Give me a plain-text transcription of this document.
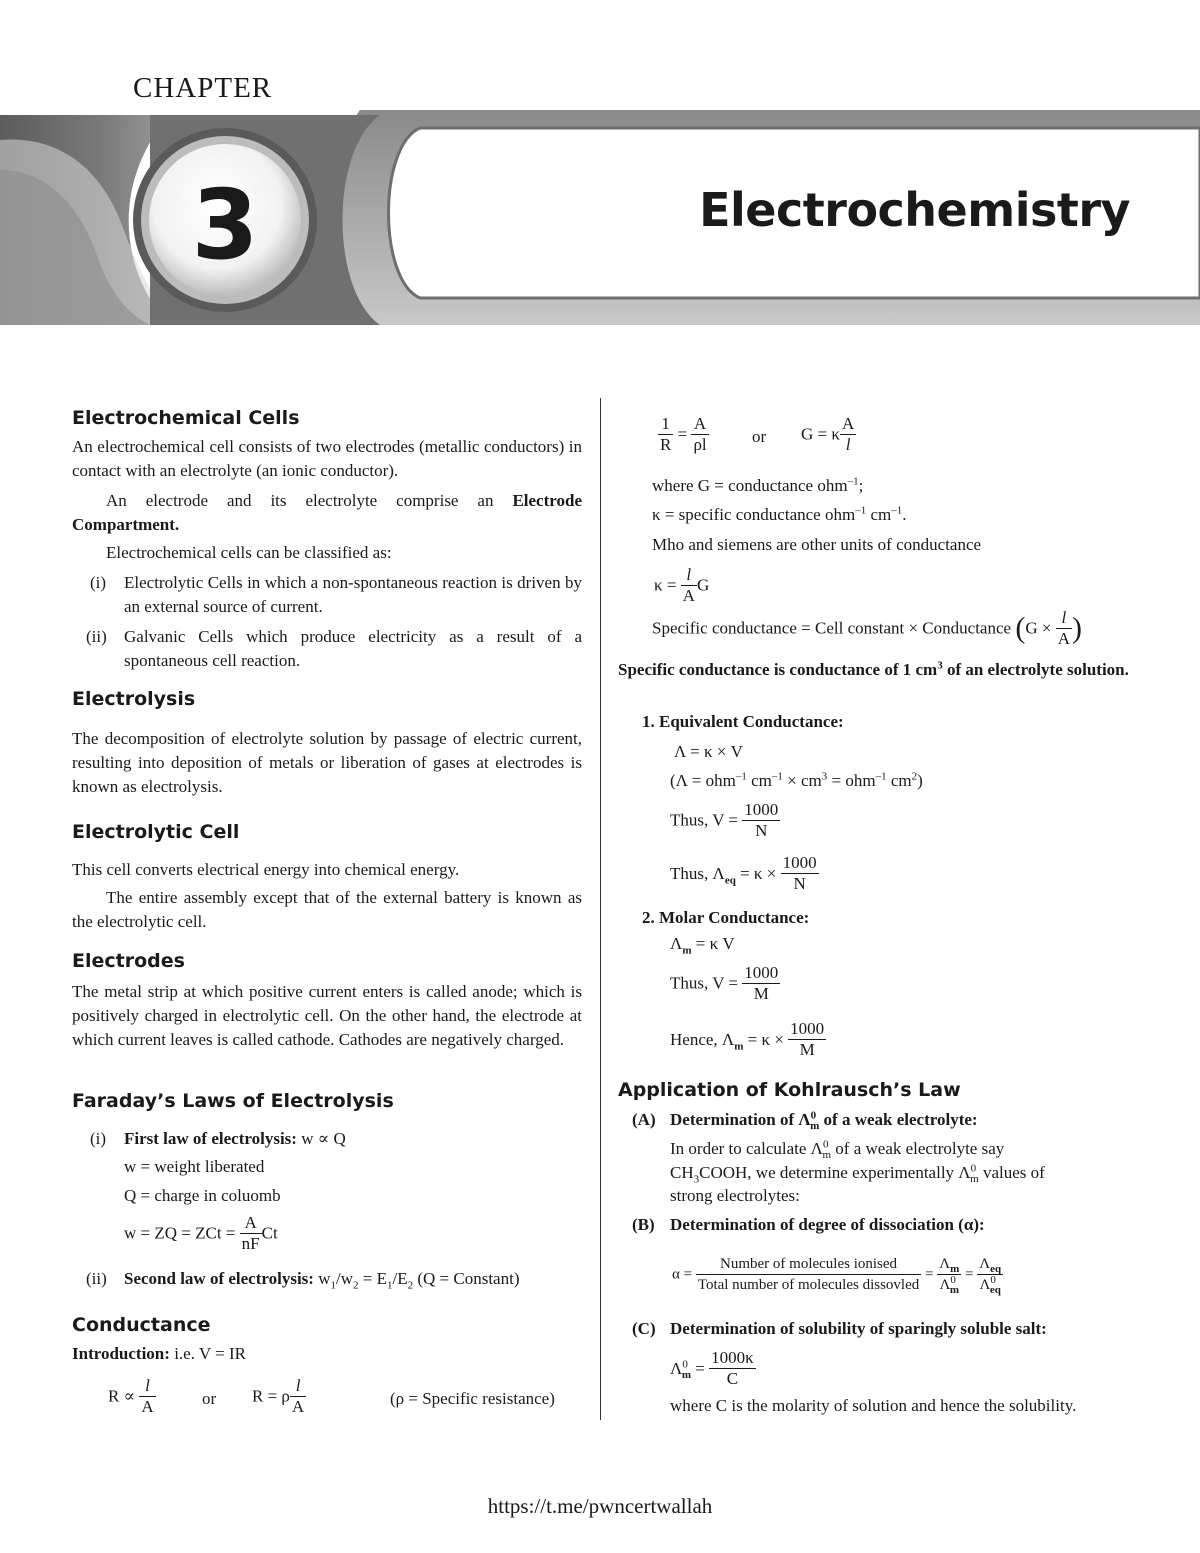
CHAPTER
3	Electrochemistry
Electrochemical Cells
An electrochemical cell consists of two electrodes (metallic conductors) in contact with an electrolyte (an ionic conductor).
An electrode and its electrolyte comprise an Electrode Compartment.
Electrochemical cells can be classified as:
(i) Electrolytic Cells in which a non-spontaneous reaction is driven by an external source of current.
(ii) Galvanic Cells which produce electricity as a result of a spontaneous cell reaction.
Electrolysis
The decomposition of electrolyte solution by passage of electric current, resulting into deposition of metals or liberation of gases at electrodes is known as electrolysis.
Electrolytic Cell
This cell converts electrical energy into chemical energy.
The entire assembly except that of the external battery is known as the electrolytic cell.
Electrodes
The metal strip at which positive current enters is called anode; which is positively charged in electrolytic cell. On the other hand, the electrode at which current leaves is called cathode. Cathodes are negatively charged.
Faraday’s Laws of Electrolysis
(i) First law of electrolysis: w ∝ Q
w = weight liberated
Q = charge in coluomb
w = ZQ = ZCt = $\frac{A}{nF}$ Ct
(ii) Second law of electrolysis: $w_1/w_2 = E_1/E_2$ (Q = Constant)
Conductance
Introduction: i.e. V = IR
$R \propto \frac{l}{A}$	or R = ρ $\frac{l}{A}$	(ρ = Specific resistance)
$\frac{1}{R} = \frac{A}{\rho l}$	or G = κ $\frac{A}{l}$
where G = conductance ohm$^{-1}$;
κ = specific conductance ohm$^{-1}$ $cm^{-1}$.
Mho and siemens are other units of conductance
$\kappa = \frac{l}{A}$ G
Specific conductance = Cell constant × Conductance ($G \times \frac{l}{A}$ )
Specific conductance is conductance of 1 $cm^3$ of an electrolyte solution.
1. Equivalent Conductance:
Λ = κ × V
(Λ = ohm$^{-1}$ $cm^{-1} \times cm^3 = ohm^{-1}$ $cm^2$)
Thus, $V = \frac{1000}{N}$
Thus, $\Lambda_{eq} = \kappa \times \frac{1000}{N}$
2. Molar Conductance:
$\Lambda_m = \kappa$ V
Thus, $V = \frac{1000}{M}$
Hence, $\Lambda_m = \kappa \times \frac{1000}{M}$
Application of Kohlrausch’s Law
(A) Determination of $\Lambda^0_m$ of a weak electrolyte:
In order to calculate $\Lambda^0_m$ of a weak electrolyte say
$CH_3COOH$, we determine experimentally $\Lambda^0_m$ values of
strong electrolytes:
(B) Determination of degree of dissociation (α):
$\alpha = \frac{\text{Number of molecules ionised}}{\text{Total number of molecules dissovled}} = \frac{\Lambda_m}{\Lambda^0_m} = \frac{\Lambda_{eq}}{\Lambda^0_{eq}}$
(C) Determination of solubility of sparingly soluble salt:
$\Lambda^0_m = \frac{1000\kappa}{C}$
where C is the molarity of solution and hence the solubility.
https://t.me/pwncertwallah
